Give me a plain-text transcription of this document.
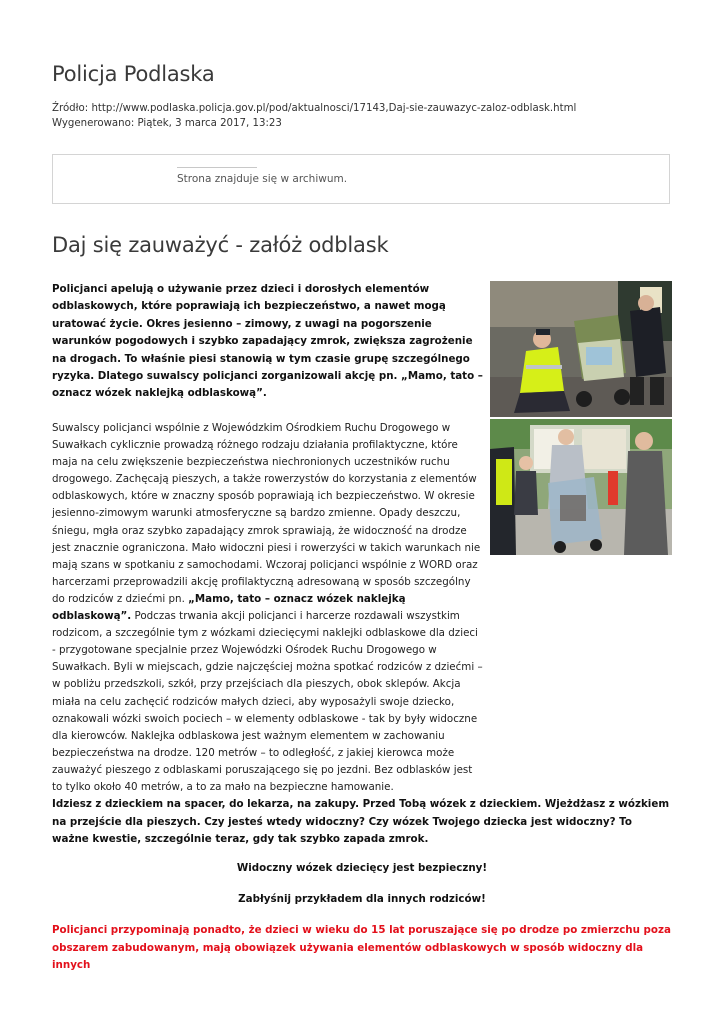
Policja Podlaska
Źródło: http://www.podlaska.policja.gov.pl/pod/aktualnosci/17143,Daj-sie-zauwazyc-zaloz-odblask.html
Wygenerowano: Piątek, 3 marca 2017, 13:23
Strona znajduje się w archiwum.
Daj się zauważyć - załóż odblask

Policjanci apelują o używanie przez dzieci i dorosłych elementów odblaskowych, które poprawiają ich bezpieczeństwo, a nawet mogą uratować życie. Okres jesienno – zimowy, z uwagi na pogorszenie warunków pogodowych i szybko zapadający zmrok, zwiększa zagrożenie na drogach. To właśnie piesi stanowią w tym czasie grupę szczególnego ryzyka. Dlatego suwalscy policjanci zorganizowali akcję pn. „Mamo, tato – oznacz wózek naklejką odblaskową”.

Suwalscy policjanci wspólnie z Wojewódzkim Ośrodkiem Ruchu Drogowego w Suwałkach cyklicznie prowadzą różnego rodzaju działania profilaktyczne, które maja na celu zwiększenie bezpieczeństwa niechronionych uczestników ruchu drogowego. Zachęcają pieszych, a także rowerzystów do korzystania z elementów odblaskowych, które w znaczny sposób poprawiają ich bezpieczeństwo. W okresie jesienno-zimowym warunki atmosferyczne są bardzo zmienne. Opady deszczu, śniegu, mgła oraz szybko zapadający zmrok sprawiają, że widoczność na drodze jest znacznie ograniczona. Mało widoczni piesi i rowerzyści w takich warunkach nie mają szans w spotkaniu z samochodami. Wczoraj policjanci wspólnie z WORD oraz harcerzami przeprowadzili akcję profilaktyczną adresowaną w sposób szczególny do rodziców z dziećmi pn. „Mamo, tato – oznacz wózek naklejką odblaskową”. Podczas trwania akcji policjanci i harcerze rozdawali wszystkim rodzicom, a szczególnie tym z wózkami dziecięcymi naklejki odblaskowe dla dzieci - przygotowane specjalnie przez Wojewódzki Ośrodek Ruchu Drogowego w Suwałkach. Byli w miejscach, gdzie najczęściej można spotkać rodziców z dziećmi – w pobliżu przedszkoli, szkół, przy przejściach dla pieszych, obok sklepów. Akcja miała na celu zachęcić rodziców małych dzieci, aby wyposażyli swoje dziecko, oznakowali wózki swoich pociech – w elementy odblaskowe - tak by były widoczne dla kierowców. Naklejka odblaskowa jest ważnym elementem w zachowaniu bezpieczeństwa na drodze. 120 metrów – to odległość, z jakiej kierowca może zauważyć pieszego z odblaskami poruszającego się po jezdni. Bez odblasków jest to tylko około 40 metrów, a to za mało na bezpieczne hamowanie.

Idziesz z dzieckiem na spacer, do lekarza, na zakupy. Przed Tobą wózek z dzieckiem. Wjeżdżasz z wózkiem na przejście dla pieszych. Czy jesteś wtedy widoczny? Czy wózek Twojego dziecka jest widoczny? To ważne kwestie, szczególnie teraz, gdy tak szybko zapada zmrok.

Widoczny wózek dziecięcy jest bezpieczny!

Zabłyśnij przykładem dla innych rodziców!

Policjanci przypominają ponadto, że dzieci w wieku do 15 lat poruszające się po drodze po zmierzchu poza obszarem zabudowanym, mają obowiązek używania elementów odblaskowych w sposób widoczny dla innych
